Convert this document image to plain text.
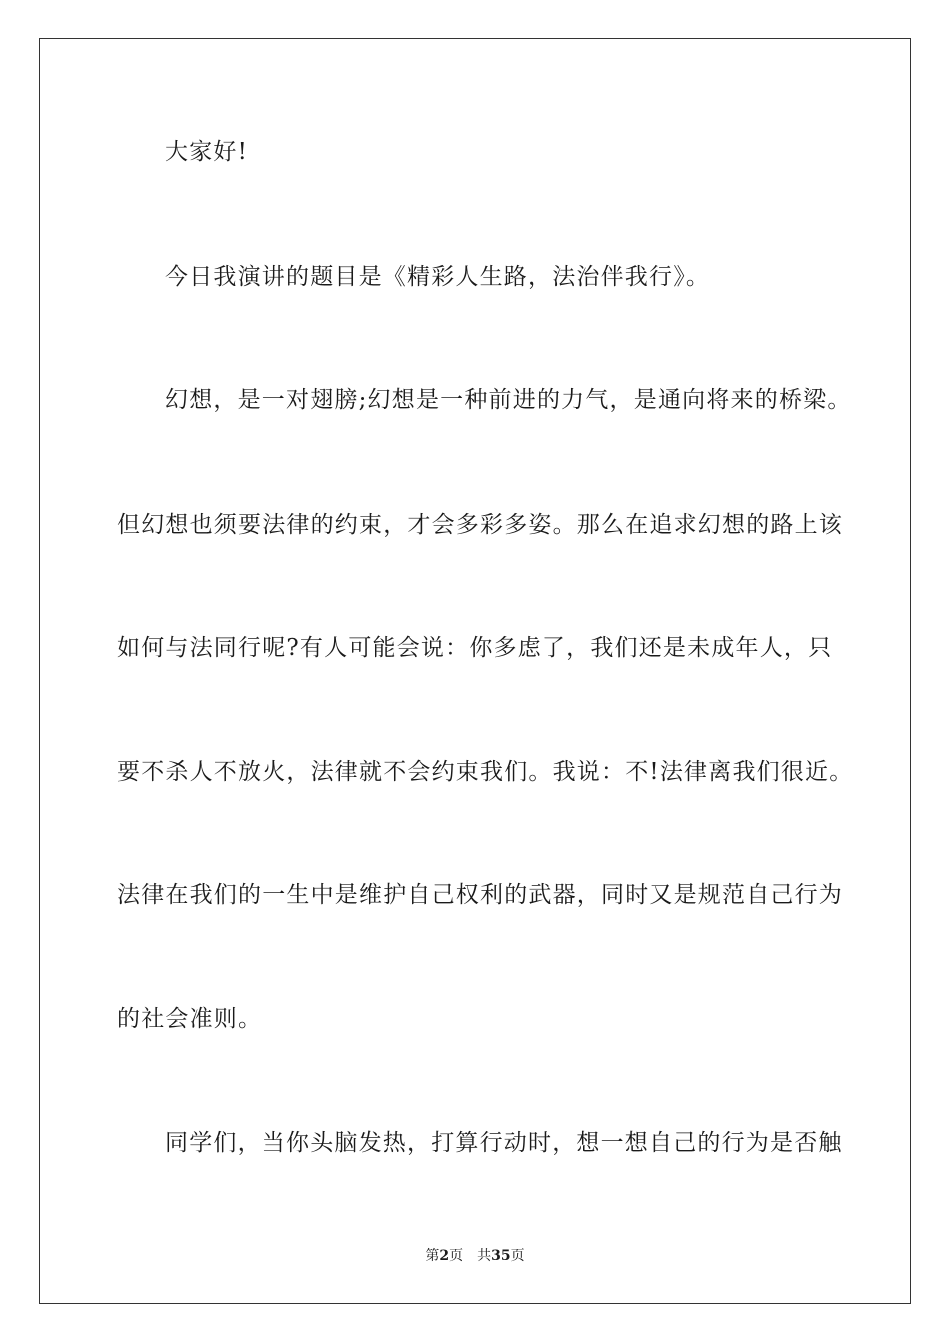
大家好!
今日我演讲的题目是《精彩人生路，法治伴我行》。
幻想，是一对翅膀;幻想是一种前进的力气，是通向将来的桥梁。
但幻想也须要法律的约束，才会多彩多姿。那么在追求幻想的路上该
如何与法同行呢?有人可能会说：你多虑了，我们还是未成年人，只
要不杀人不放火，法律就不会约束我们。我说：不!法律离我们很近。
法律在我们的一生中是维护自己权利的武器，同时又是规范自己行为
的社会准则。
同学们，当你头脑发热，打算行动时，想一想自己的行为是否触
第2页 共35页
